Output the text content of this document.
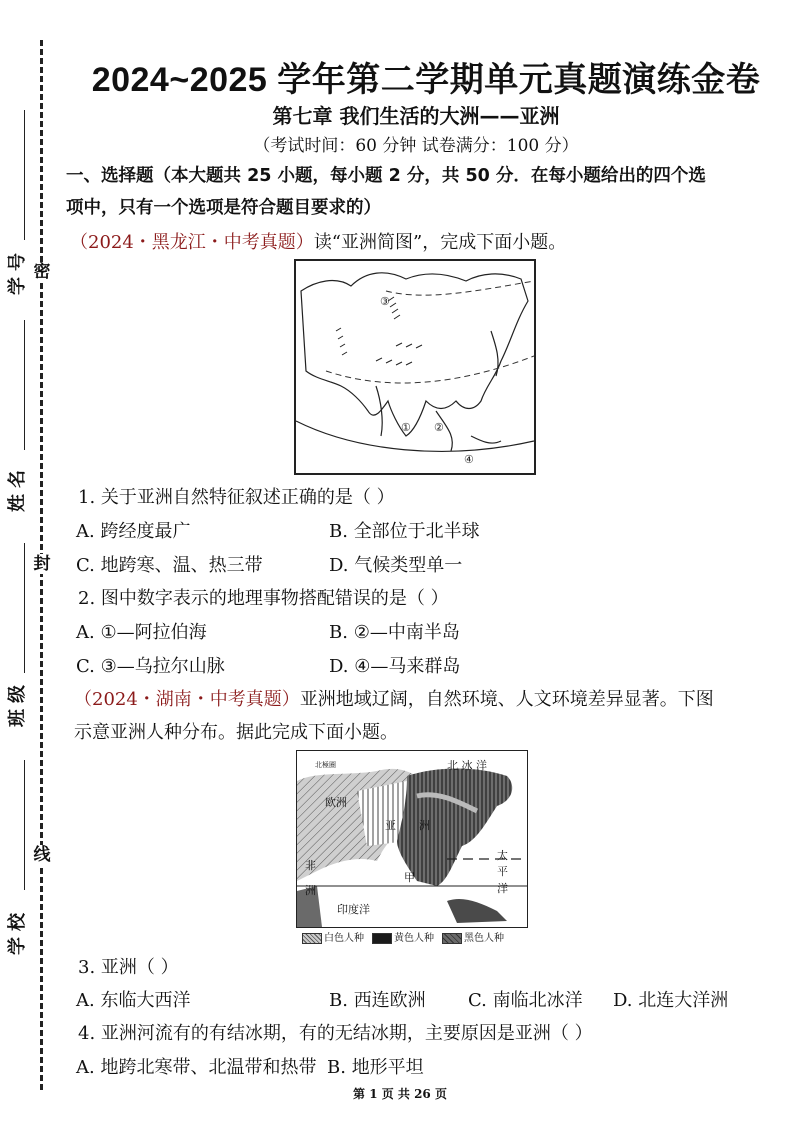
密
封
线
学号
姓名
班级
学校
2024~2025 学年第二学期单元真题演练金卷
第七章 我们生活的大洲——亚洲
（考试时间：60 分钟 试卷满分：100 分）
一、选择题（本大题共 25 小题，每小题 2 分，共 50 分．在每小题给出的四个选
项中，只有一个选项是符合题目要求的）
（2024・黑龙江・中考真题）读“亚洲简图”，完成下面小题。
③
① ②
④
1. 关于亚洲自然特征叙述正确的是（ ）
A. 跨经度最广	B. 全部位于北半球
C. 地跨寒、温、热三带	D. 气候类型单一
2. 图中数字表示的地理事物搭配错误的是（ ）
A. ①—阿拉伯海	B. ②—中南半岛
C. ③—乌拉尔山脉	D. ④—马来群岛
（2024・湖南・中考真题）亚洲地域辽阔，自然环境、人文环境差异显著。下图
示意亚洲人种分布。据此完成下面小题。
北 冰 洋
北極圈
欧洲
亚 洲
非
洲
甲
太
平
洋
印度洋
白色人种	黄色人种	黑色人种
3. 亚洲（ ）
A. 东临大西洋	B. 西连欧洲 C. 南临北冰洋 D. 北连大洋洲
4. 亚洲河流有的有结冰期，有的无结冰期，主要原因是亚洲（ ）
A. 地跨北寒带、北温带和热带 B. 地形平坦
第 1 页 共 26 页
